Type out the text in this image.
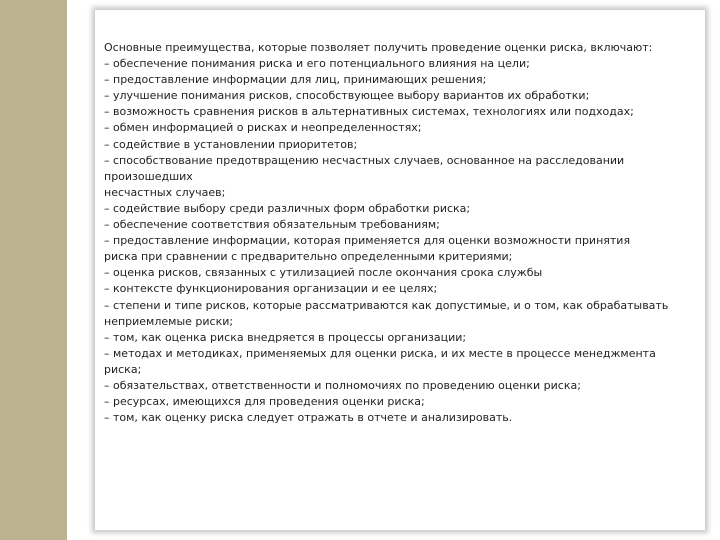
Основные преимущества, которые позволяет получить проведение оценки риска, включают:
– обеспечение понимания риска и его потенциального влияния на цели;
– предоставление информации для лиц, принимающих решения;
– улучшение понимания рисков, способствующее выбору вариантов их обработки;
– возможность сравнения рисков в альтернативных системах, технологиях или подходах;
– обмен информацией о рисках и неопределенностях;
– содействие в установлении приоритетов;
– способствование предотвращению несчастных случаев, основанное на расследовании
произошедших
несчастных случаев;
– содействие выбору среди различных форм обработки риска;
– обеспечение соответствия обязательным требованиям;
– предоставление информации, которая применяется для оценки возможности принятия
риска при сравнении с предварительно определенными критериями;
– оценка рисков, связанных с утилизацией после окончания срока службы
– контексте функционирования организации и ее целях;
– степени и типе рисков, которые рассматриваются как допустимые, и о том, как обрабатывать
неприемлемые риски;
– том, как оценка риска внедряется в процессы организации;
– методах и методиках, применяемых для оценки риска, и их месте в процессе менеджмента
риска;
– обязательствах, ответственности и полномочиях по проведению оценки риска;
– ресурсах, имеющихся для проведения оценки риска;
– том, как оценку риска следует отражать в отчете и анализировать.
